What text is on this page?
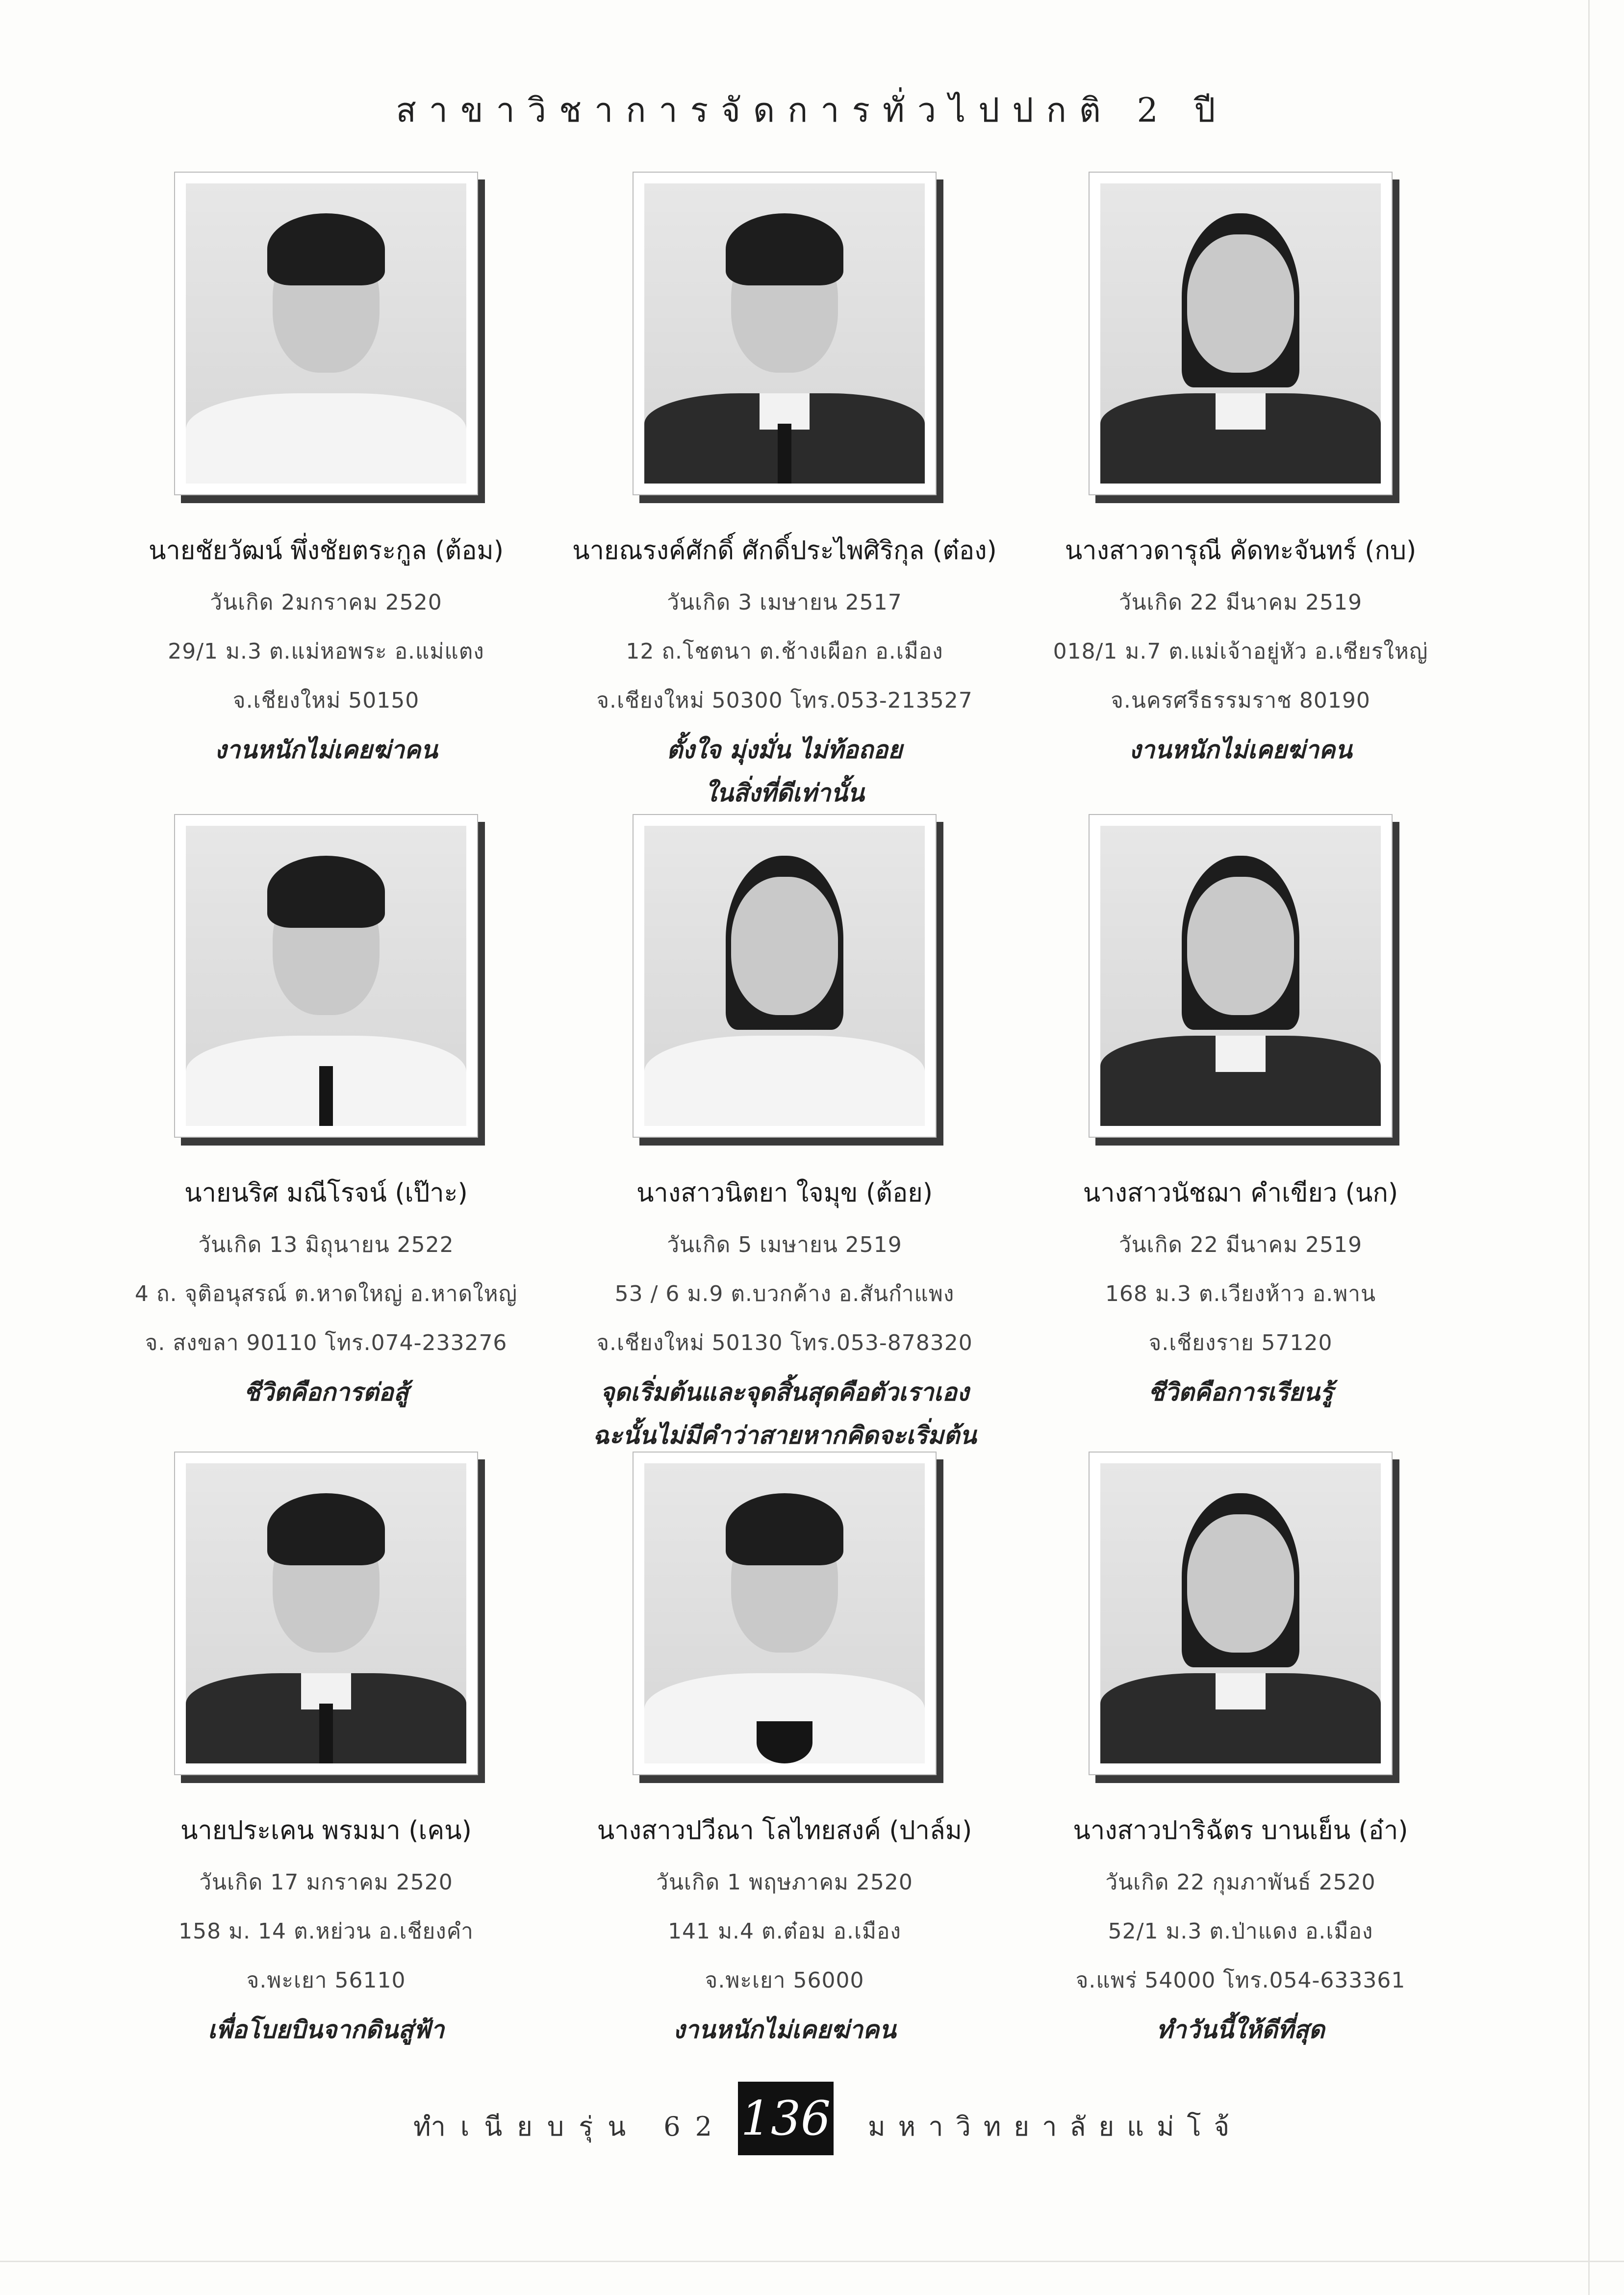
สาขาวิชาการจัดการทั่วไปปกติ 2 ปี
นายชัยวัฒน์ พึ่งชัยตระกูล (ต้อม)
วันเกิด 2มกราคม 2520
29/1 ม.3 ต.แม่หอพระ อ.แม่แตง
จ.เชียงใหม่ 50150
งานหนักไม่เคยฆ่าคน
นายณรงค์ศักดิ์ ศักดิ์ประไพศิริกุล (ต๋อง)
วันเกิด 3 เมษายน 2517
12 ถ.โชตนา ต.ช้างเผือก อ.เมือง
จ.เชียงใหม่ 50300 โทร.053-213527
ตั้งใจ มุ่งมั่น ไม่ท้อถอย
ในสิ่งที่ดีเท่านั้น
นางสาวดารุณี คัดทะจันทร์ (กบ)
วันเกิด 22 มีนาคม 2519
018/1 ม.7 ต.แม่เจ้าอยู่หัว อ.เชียรใหญ่
จ.นครศรีธรรมราช 80190
งานหนักไม่เคยฆ่าคน
นายนริศ มณีโรจน์ (เป๊าะ)
วันเกิด 13 มิถุนายน 2522
4 ถ. จุติอนุสรณ์ ต.หาดใหญ่ อ.หาดใหญ่
จ. สงขลา 90110 โทร.074-233276
ชีวิตคือการต่อสู้
นางสาวนิตยา ใจมุข (ต้อย)
วันเกิด 5 เมษายน 2519
53 / 6 ม.9 ต.บวกค้าง อ.สันกำแพง
จ.เชียงใหม่ 50130 โทร.053-878320
จุดเริ่มต้นและจุดสิ้นสุดคือตัวเราเอง
ฉะนั้นไม่มีคำว่าสายหากคิดจะเริ่มต้น
นางสาวนัชฌา คำเขียว (นก)
วันเกิด 22 มีนาคม 2519
168 ม.3 ต.เวียงห้าว อ.พาน
จ.เชียงราย 57120
ชีวิตคือการเรียนรู้
นายประเคน พรมมา (เคน)
วันเกิด 17 มกราคม 2520
158 ม. 14 ต.หย่วน อ.เชียงคำ
จ.พะเยา 56110
เพื่อโบยบินจากดินสู่ฟ้า
นางสาวปวีณา โลไทยสงค์ (ปาล์ม)
วันเกิด 1 พฤษภาคม 2520
141 ม.4 ต.ต๋อม อ.เมือง
จ.พะเยา 56000
งานหนักไม่เคยฆ่าคน
นางสาวปาริฉัตร บานเย็น (อ๋า)
วันเกิด 22 กุมภาพันธ์ 2520
52/1 ม.3 ต.ป่าแดง อ.เมือง
จ.แพร่ 54000 โทร.054-633361
ทำวันนี้ให้ดีที่สุด
ทำเนียบรุ่น 62 136 มหาวิทยาลัยแม่โจ้
